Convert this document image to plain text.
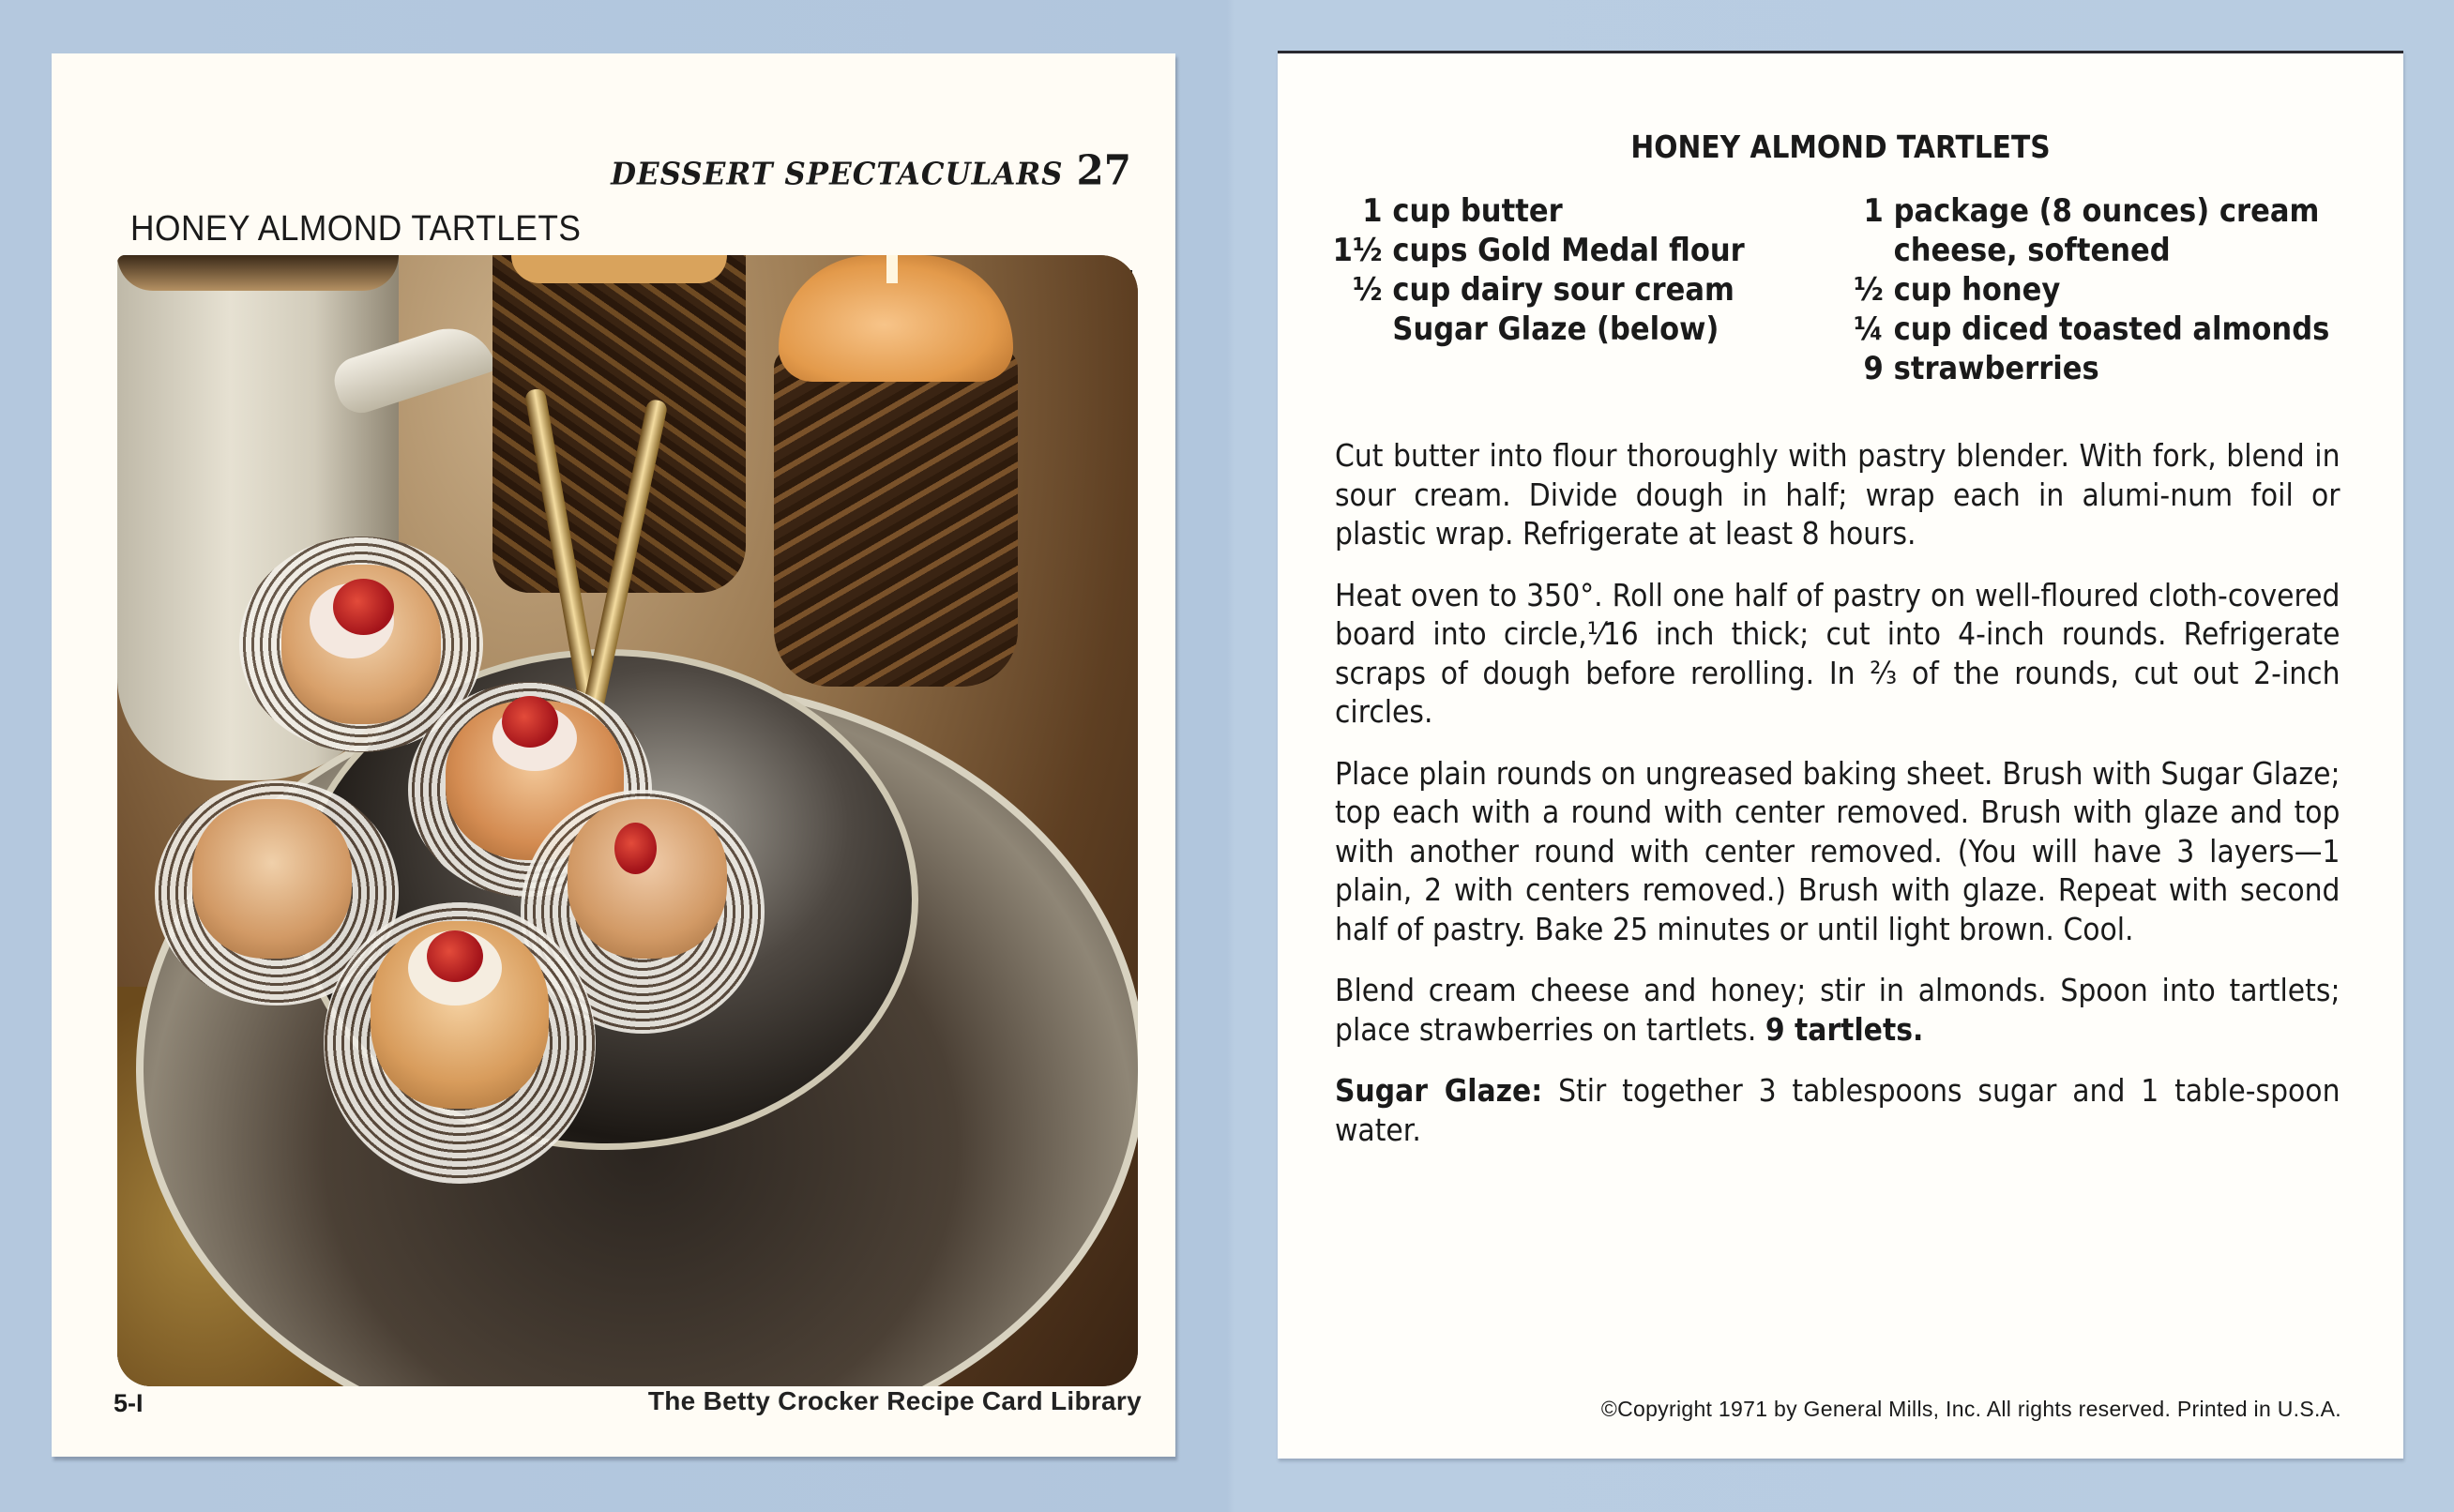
DESSERT SPECTACULARS 27
HONEY ALMOND TARTLETS
5-I	The Betty Crocker Recipe Card Library
HONEY ALMOND TARTLETS
1 cup butter
1½ cups Gold Medal flour
½ cup dairy sour cream
Sugar Glaze (below)
1 package (8 ounces) cream
cheese, softened
½ cup honey
¼ cup diced toasted almonds
9 strawberries

Cut butter into flour thoroughly with pastry blender. With fork, blend in sour cream. Divide dough in half; wrap each in alumi-num foil or plastic wrap. Refrigerate at least 8 hours.

Heat oven to 350°. Roll one half of pastry on well-floured cloth-covered board into circle,⅟16 inch thick; cut into 4-inch rounds. Refrigerate scraps of dough before rerolling. In ⅔ of the rounds, cut out 2-inch circles.

Place plain rounds on ungreased baking sheet. Brush with Sugar Glaze; top each with a round with center removed. Brush with glaze and top with another round with center removed. (You will have 3 layers—1 plain, 2 with centers removed.) Brush with glaze. Repeat with second half of pastry. Bake 25 minutes or until light brown. Cool.

Blend cream cheese and honey; stir in almonds. Spoon into tartlets; place strawberries on tartlets. 9 tartlets.

Sugar Glaze: Stir together 3 tablespoons sugar and 1 table-spoon water.

©Copyright 1971 by General Mills, Inc. All rights reserved. Printed in U.S.A.
